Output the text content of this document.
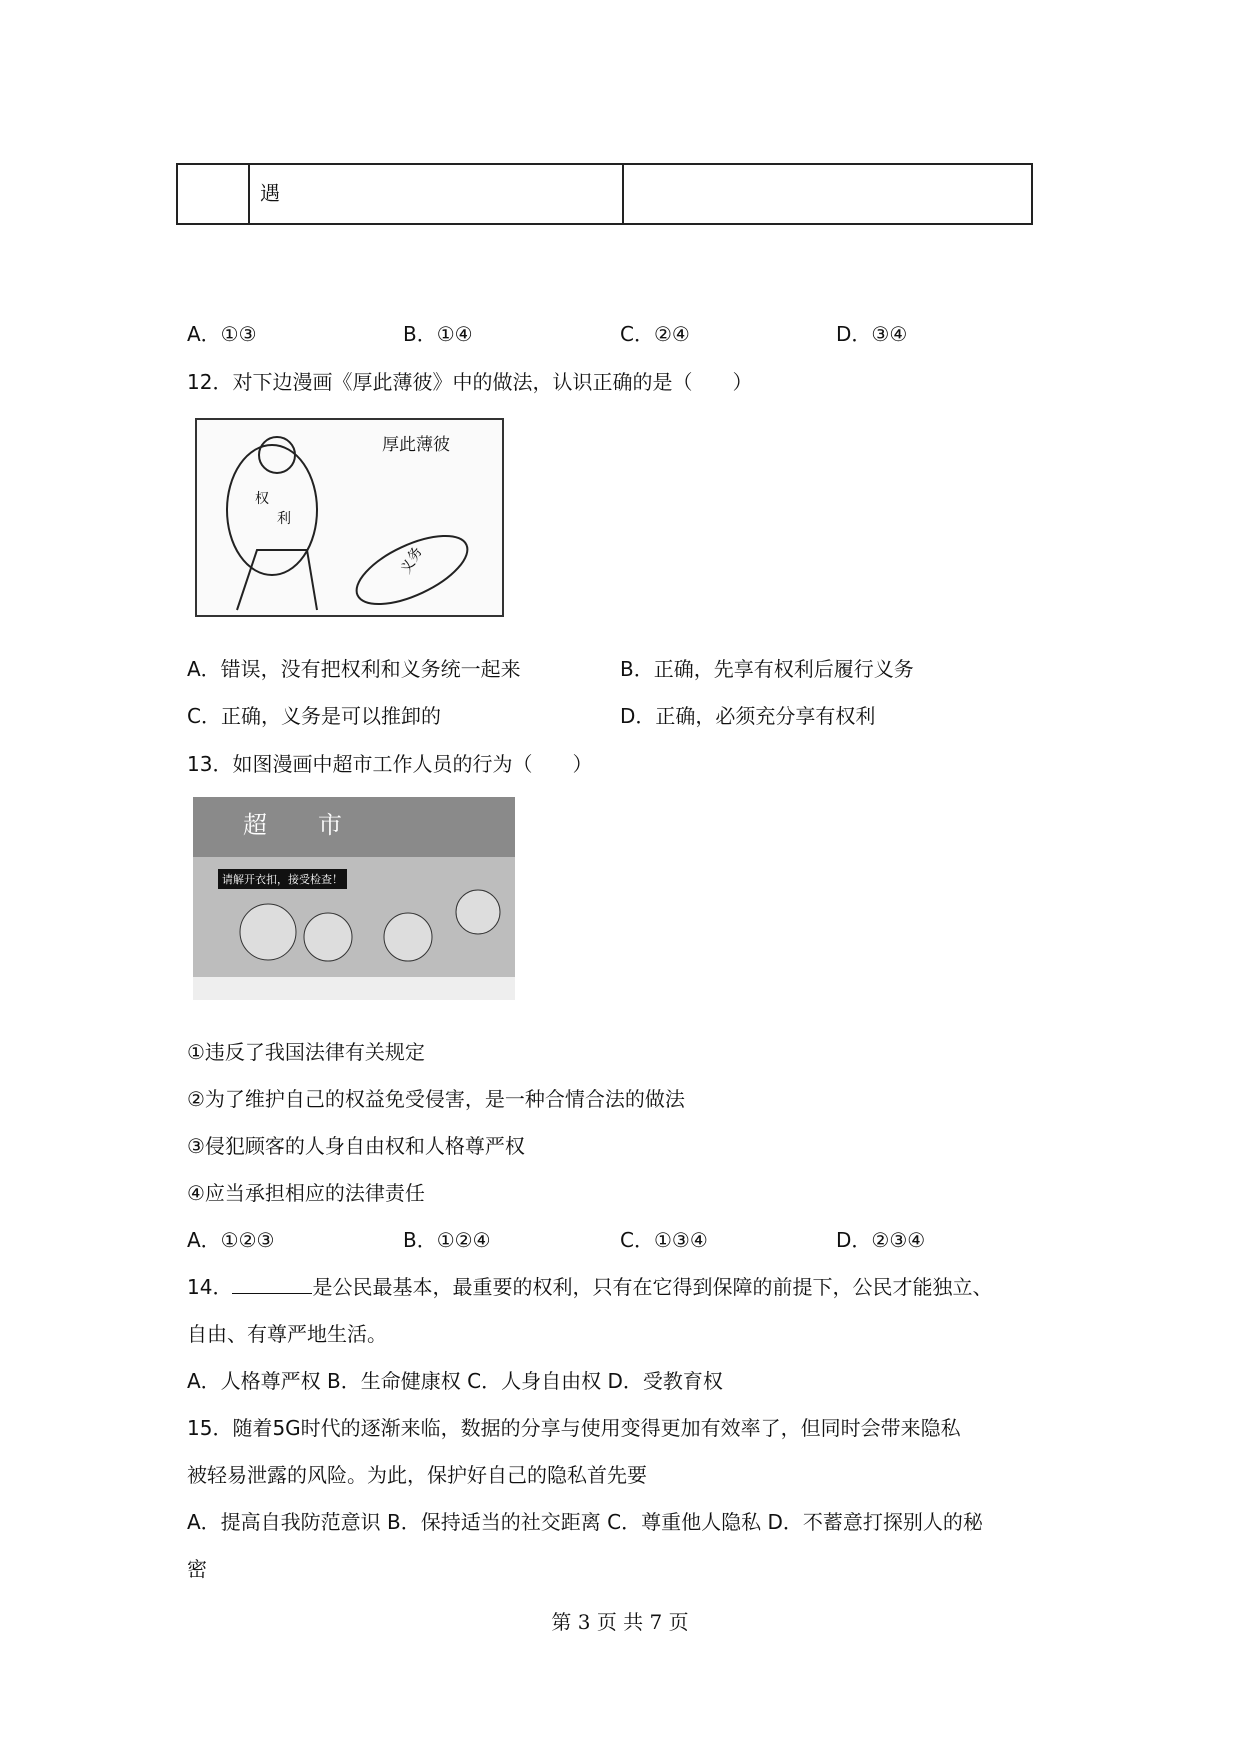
	遇	
A．①③	B．①④	C．②④	D．③④
12．对下边漫画《厚此薄彼》中的做法，认识正确的是（　　）
厚此薄彼
权
利
义务
A．错误，没有把权利和义务统一起来	B．正确，先享有权利后履行义务
C．正确，义务是可以推卸的	D．正确，必须充分享有权利
13．如图漫画中超市工作人员的行为（　　）
超 市
请解开衣扣，接受检查！
①违反了我国法律有关规定
②为了维护自己的权益免受侵害，是一种合情合法的做法
③侵犯顾客的人身自由权和人格尊严权
④应当承担相应的法律责任
A．①②③	B．①②④	C．①③④	D．②③④
14．	是公民最基本，最重要的权利，只有在它得到保障的前提下，公民才能独立、
自由、有尊严地生活。
A．人格尊严权 B．生命健康权 C．人身自由权 D．受教育权
15．随着5G时代的逐渐来临，数据的分享与使用变得更加有效率了，但同时会带来隐私
被轻易泄露的风险。为此，保护好自己的隐私首先要
A．提高自我防范意识 B．保持适当的社交距离 C．尊重他人隐私 D．不蓄意打探别人的秘
密
第 3 页 共 7 页
